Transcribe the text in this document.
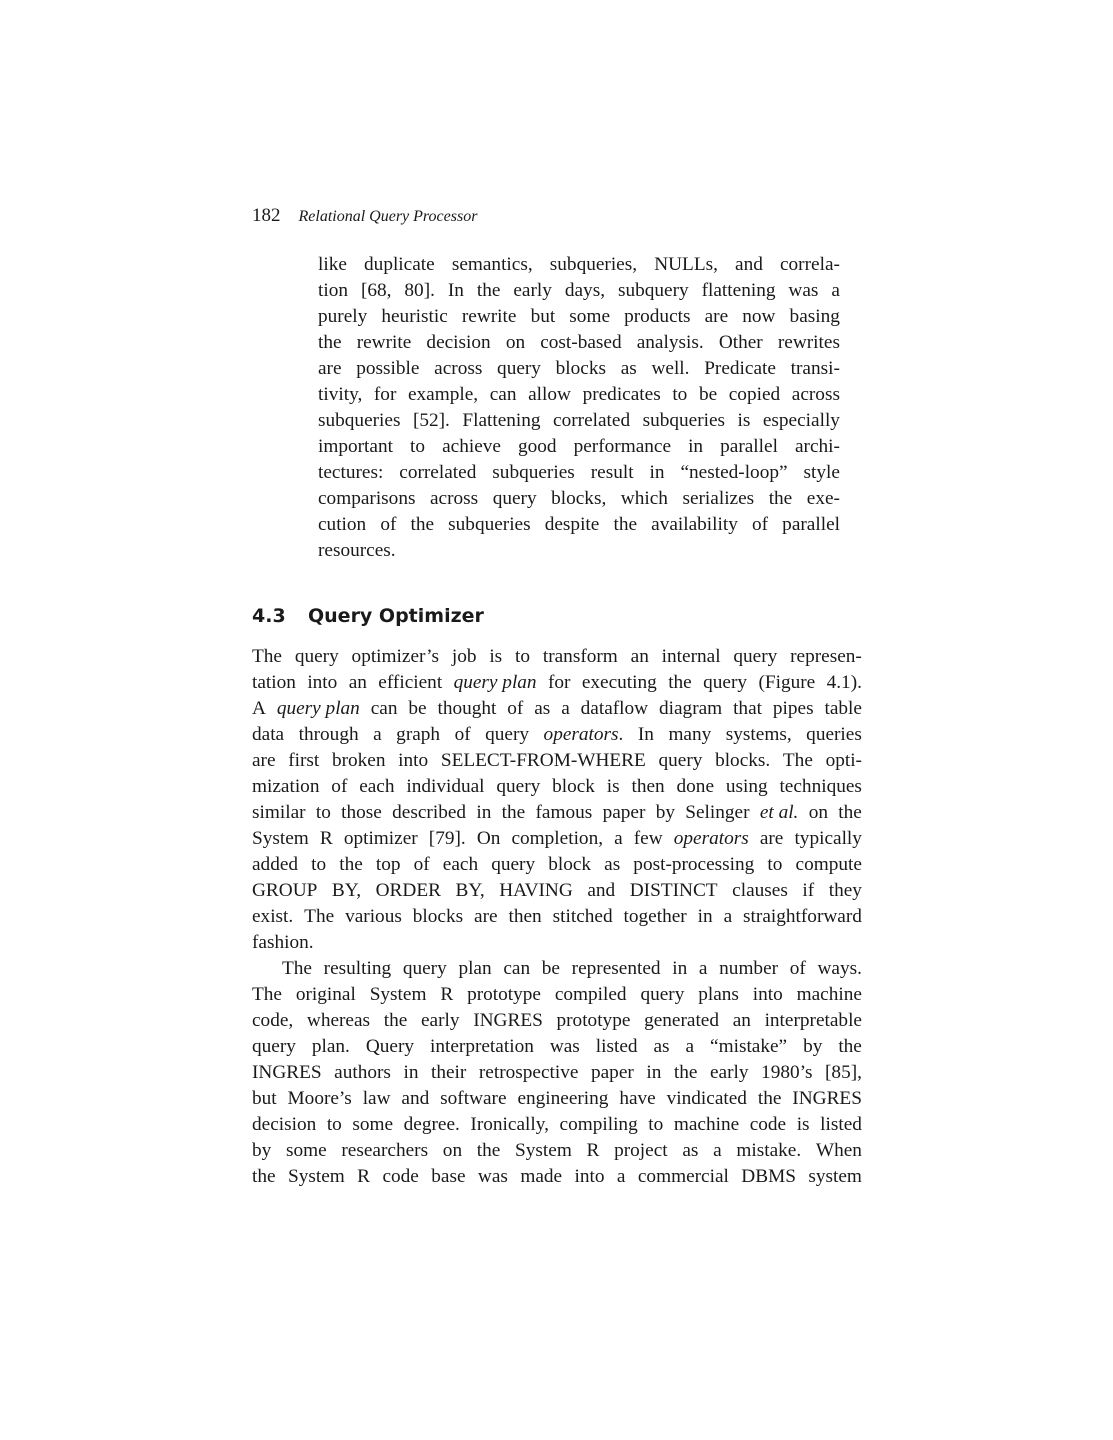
182 Relational Query Processor
like duplicate semantics, subqueries, NULLs, and correla-
tion [68, 80]. In the early days, subquery flattening was a
purely heuristic rewrite but some products are now basing
the rewrite decision on cost-based analysis. Other rewrites
are possible across query blocks as well. Predicate transi-
tivity, for example, can allow predicates to be copied across
subqueries [52]. Flattening correlated subqueries is especially
important to achieve good performance in parallel archi-
tectures: correlated subqueries result in “nested-loop” style
comparisons across query blocks, which serializes the exe-
cution of the subqueries despite the availability of parallel
resources.
4.3	Query Optimizer
The query optimizer’s job is to transform an internal query represen-
tation into an efficient query plan for executing the query (Figure 4.1).
A query plan can be thought of as a dataflow diagram that pipes table
data through a graph of query operators. In many systems, queries
are first broken into SELECT-FROM-WHERE query blocks. The opti-
mization of each individual query block is then done using techniques
similar to those described in the famous paper by Selinger et al. on the
System R optimizer [79]. On completion, a few operators are typically
added to the top of each query block as post-processing to compute
GROUP BY, ORDER BY, HAVING and DISTINCT clauses if they
exist. The various blocks are then stitched together in a straightforward
fashion.
The resulting query plan can be represented in a number of ways.
The original System R prototype compiled query plans into machine
code, whereas the early INGRES prototype generated an interpretable
query plan. Query interpretation was listed as a “mistake” by the
INGRES authors in their retrospective paper in the early 1980’s [85],
but Moore’s law and software engineering have vindicated the INGRES
decision to some degree. Ironically, compiling to machine code is listed
by some researchers on the System R project as a mistake. When
the System R code base was made into a commercial DBMS system
